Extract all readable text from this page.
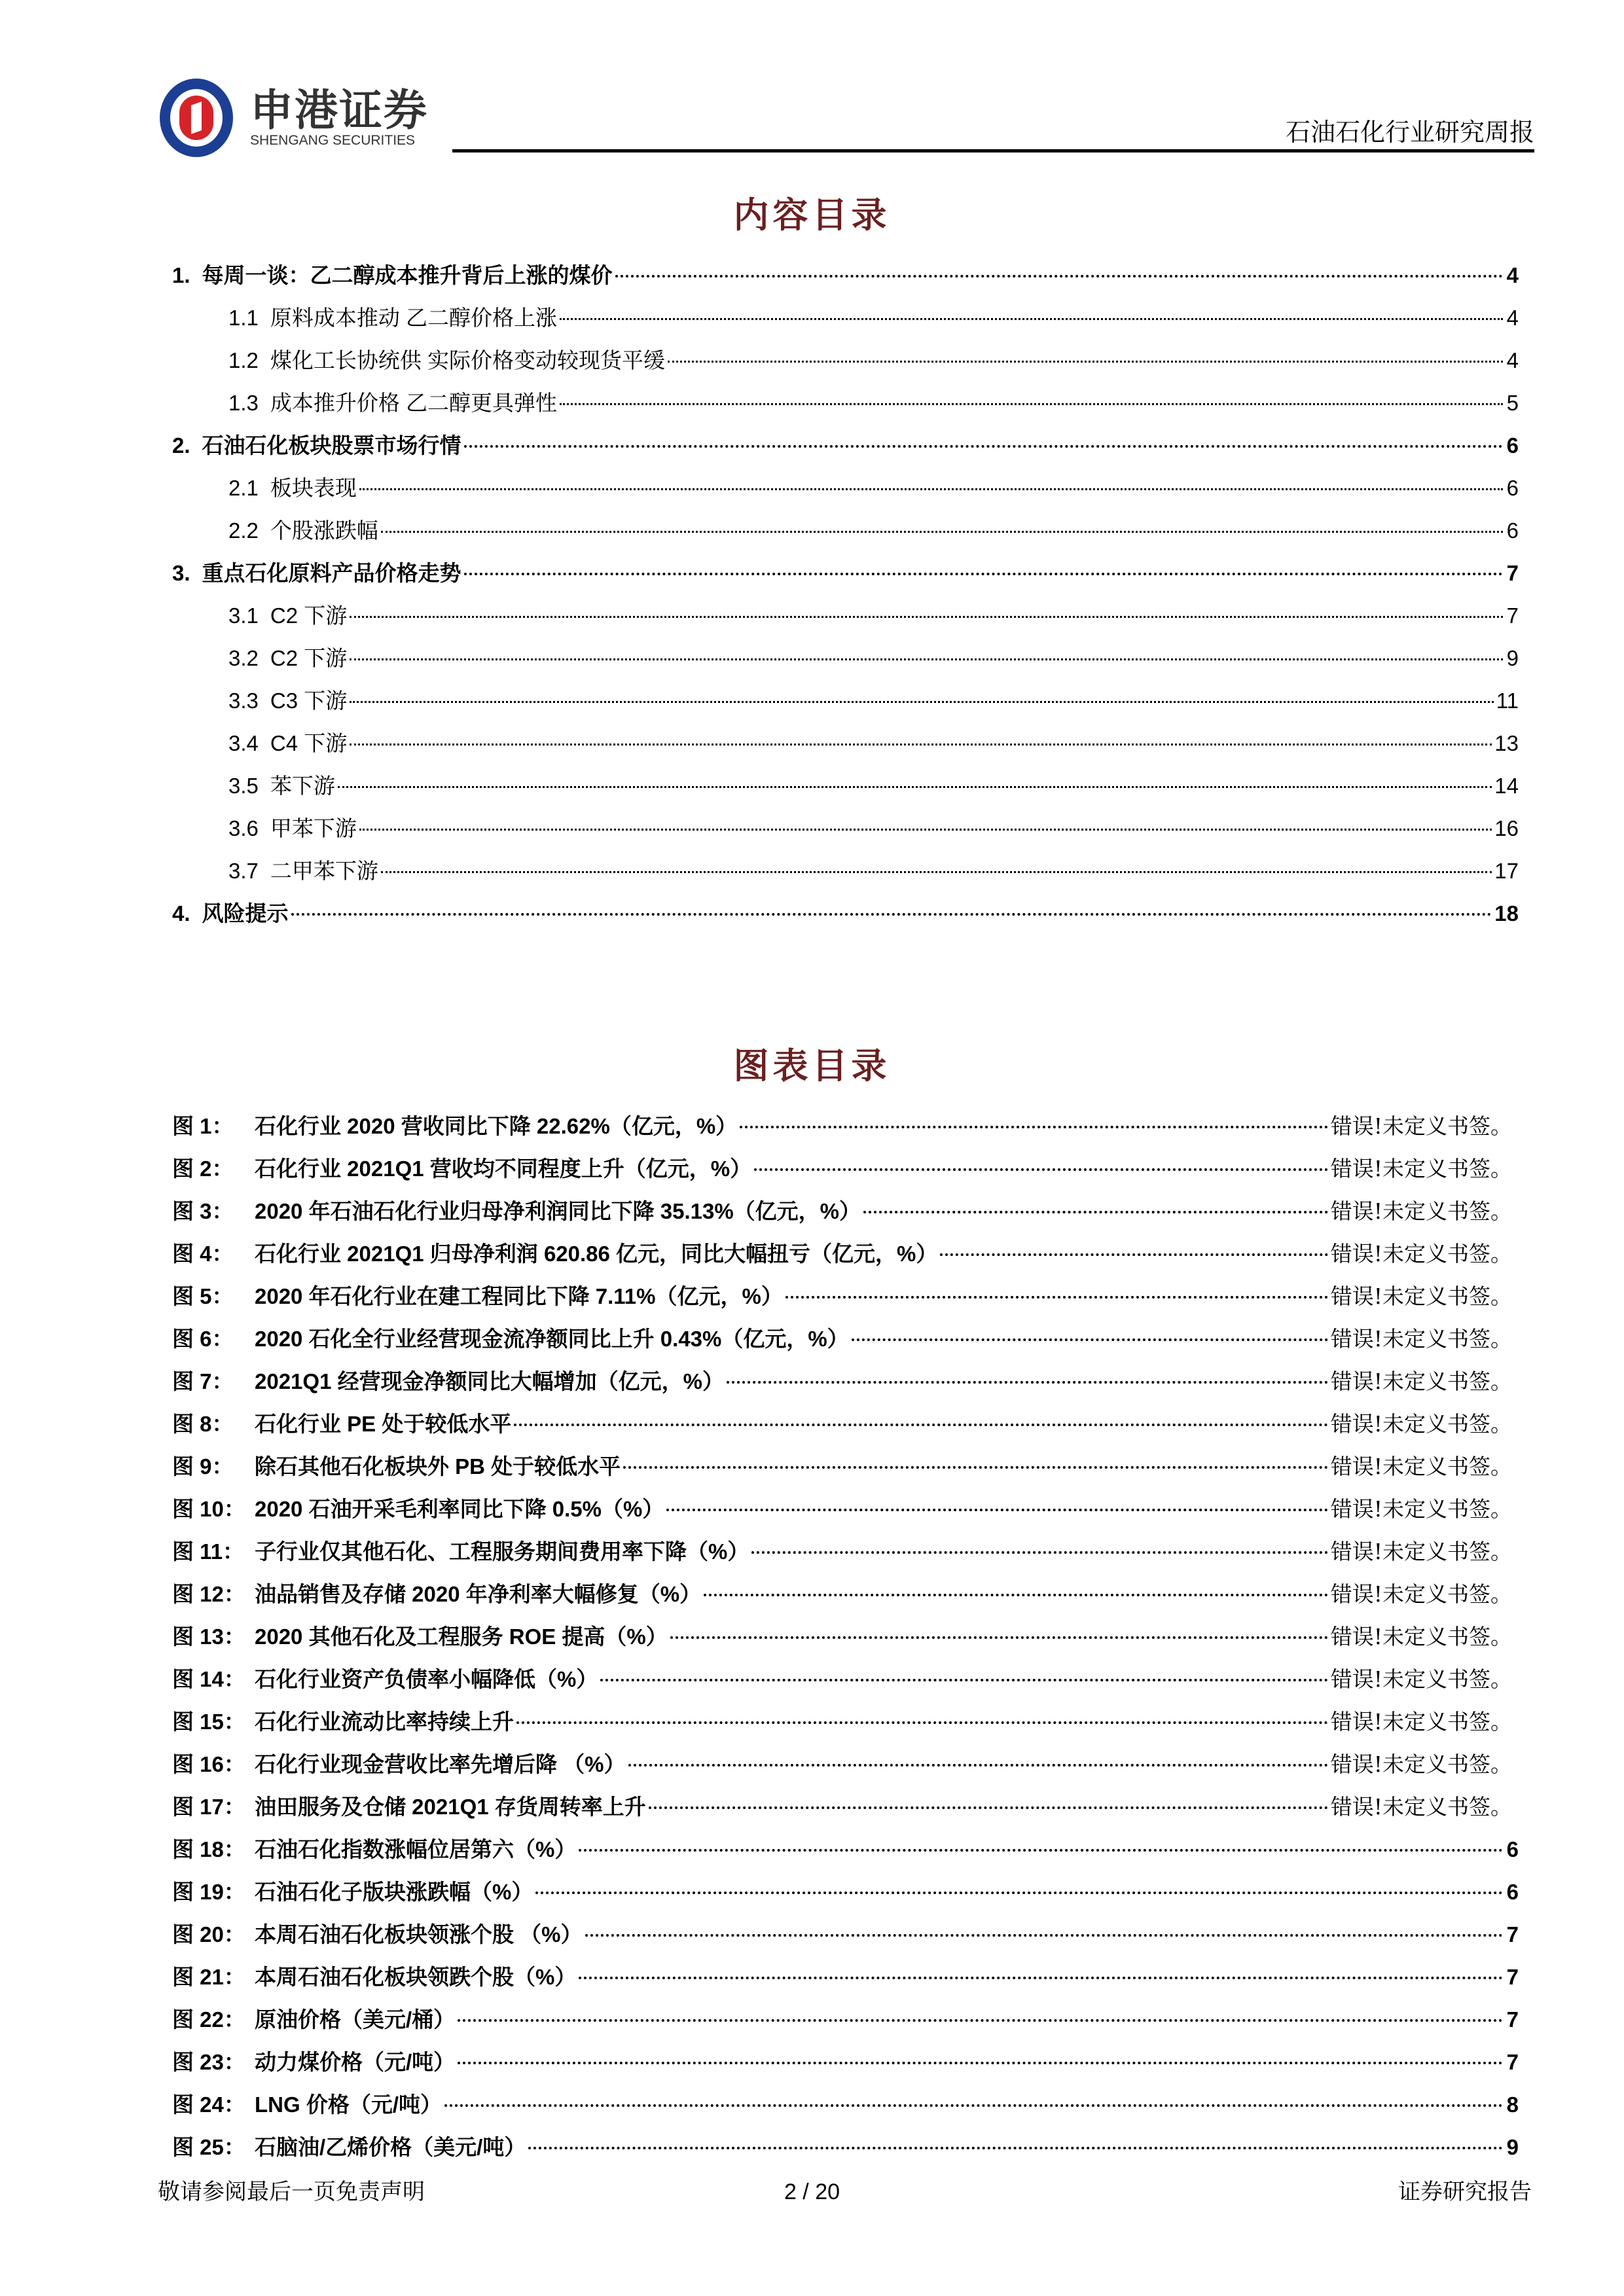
申港证券
SHENGANG SECURITIES	石油石化行业研究周报
内容目录
1. 每周一谈：乙二醇成本推升背后上涨的煤价	4
1.1 原料成本推动 乙二醇价格上涨	4
1.2 煤化工长协统供 实际价格变动较现货平缓	4
1.3 成本推升价格 乙二醇更具弹性	5
2. 石油石化板块股票市场行情	6
2.1 板块表现	6
2.2 个股涨跌幅	6
3. 重点石化原料产品价格走势	7
3.1 C2 下游	7
3.2 C2 下游	9
3.3 C3 下游	11
3.4 C4 下游	13
3.5 苯下游	14
3.6 甲苯下游	16
3.7 二甲苯下游	17
4. 风险提示	18
图表目录
图 1： 石化行业 2020 营收同比下降 22.62%（亿元，%）	错误!未定义书签。
图 2： 石化行业 2021Q1 营收均不同程度上升（亿元，%）	错误!未定义书签。
图 3： 2020 年石油石化行业归母净利润同比下降 35.13%（亿元，%）	错误!未定义书签。
图 4： 石化行业 2021Q1 归母净利润 620.86 亿元，同比大幅扭亏（亿元，%）	错误!未定义书签。
图 5： 2020 年石化行业在建工程同比下降 7.11%（亿元，%）	错误!未定义书签。
图 6： 2020 石化全行业经营现金流净额同比上升 0.43%（亿元，%）	错误!未定义书签。
图 7： 2021Q1 经营现金净额同比大幅增加（亿元，%）	错误!未定义书签。
图 8： 石化行业 PE 处于较低水平	错误!未定义书签。
图 9： 除石其他石化板块外 PB 处于较低水平	错误!未定义书签。
图 10： 2020 石油开采毛利率同比下降 0.5%（%）	错误!未定义书签。
图 11： 子行业仅其他石化、工程服务期间费用率下降（%）	错误!未定义书签。
图 12： 油品销售及存储 2020 年净利率大幅修复（%）	错误!未定义书签。
图 13： 2020 其他石化及工程服务 ROE 提高（%）	错误!未定义书签。
图 14： 石化行业资产负债率小幅降低（%）	错误!未定义书签。
图 15： 石化行业流动比率持续上升	错误!未定义书签。
图 16： 石化行业现金营收比率先增后降 （%）	错误!未定义书签。
图 17： 油田服务及仓储 2021Q1 存货周转率上升	错误!未定义书签。
图 18： 石油石化指数涨幅位居第六（%）	6
图 19： 石油石化子版块涨跌幅（%）	6
图 20： 本周石油石化板块领涨个股 （%）	7
图 21： 本周石油石化板块领跌个股（%）	7
图 22： 原油价格（美元/桶）	7
图 23： 动力煤价格（元/吨）	7
图 24： LNG 价格（元/吨）	8
图 25： 石脑油/乙烯价格（美元/吨）	9
敬请参阅最后一页免责声明	2 / 20	证券研究报告
